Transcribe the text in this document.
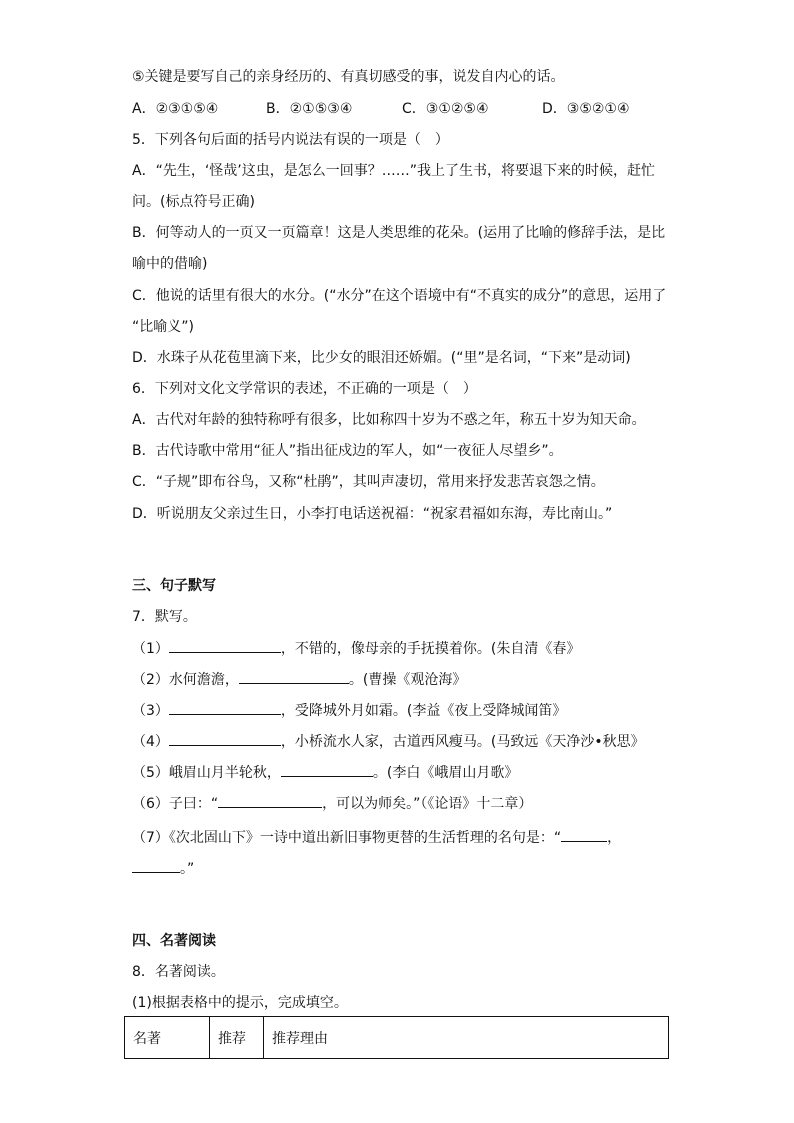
⑤关键是要写自己的亲身经历的、有真切感受的事，说发自内心的话。
A．②③①⑤④	B．②①⑤③④	C．③①②⑤④	D．③⑤②①④
5．下列各句后面的括号内说法有误的一项是（　）
A．“先生，‘怪哉’这虫，是怎么一回事？……”我上了生书，将要退下来的时候，赶忙
问。(标点符号正确)
B．何等动人的一页又一页篇章！这是人类思维的花朵。(运用了比喻的修辞手法，是比
喻中的借喻)
C．他说的话里有很大的水分。(“水分”在这个语境中有“不真实的成分”的意思，运用了
“比喻义”)
D．水珠子从花苞里滴下来，比少女的眼泪还娇媚。(“里”是名词，“下来”是动词)
6．下列对文化文学常识的表述，不正确的一项是（　）
A．古代对年龄的独特称呼有很多，比如称四十岁为不惑之年，称五十岁为知天命。
B．古代诗歌中常用“征人”指出征戍边的军人，如“一夜征人尽望乡”。
C．“子规”即布谷鸟，又称“杜鹃”，其叫声凄切，常用来抒发悲苦哀怨之情。
D．听说朋友父亲过生日，小李打电话送祝福：“祝家君福如东海，寿比南山。”
三、句子默写
7．默写。
（1）	，不错的，像母亲的手抚摸着你。(朱自清《春》
（2）水何澹澹，	。(曹操《观沧海》
（3）	，受降城外月如霜。(李益《夜上受降城闻笛》
（4）	，小桥流水人家，古道西风瘦马。(马致远《天净沙•秋思》
（5）峨眉山月半轮秋，	。(李白《峨眉山月歌》
（6）子曰：“	，可以为师矣。”（《论语》十二章）
（7）《次北固山下》一诗中道出新旧事物更替的生活哲理的名句是：“	，
。”
四、名著阅读
8．名著阅读。
(1)根据表格中的提示，完成填空。
名著	推荐	推荐理由
